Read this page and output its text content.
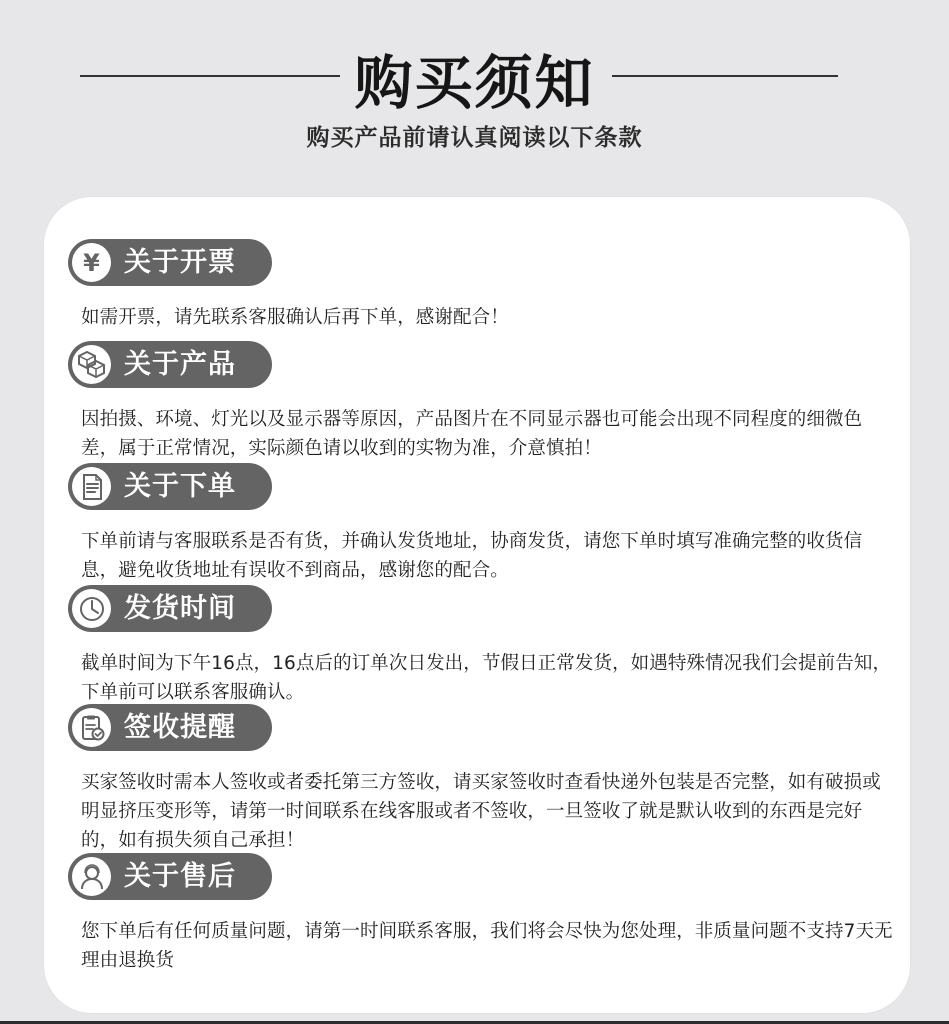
购买须知
购买产品前请认真阅读以下条款
¥ 关于开票
如需开票，请先联系客服确认后再下单，感谢配合！
关于产品
因拍摄、环境、灯光以及显示器等原因，产品图片在不同显示器也可能会出现不同程度的细微色差，属于正常情况，实际颜色请以收到的实物为准，介意慎拍！
关于下单
下单前请与客服联系是否有货，并确认发货地址，协商发货，请您下单时填写准确完整的收货信息，避免收货地址有误收不到商品，感谢您的配合。
发货时间
截单时间为下午16点，16点后的订单次日发出，节假日正常发货，如遇特殊情况我们会提前告知，下单前可以联系客服确认。
签收提醒
买家签收时需本人签收或者委托第三方签收，请买家签收时查看快递外包装是否完整，如有破损或明显挤压变形等，请第一时间联系在线客服或者不签收，一旦签收了就是默认收到的东西是完好的，如有损失须自己承担！
关于售后
您下单后有任何质量问题，请第一时间联系客服，我们将会尽快为您处理，非质量问题不支持7天无理由退换货
